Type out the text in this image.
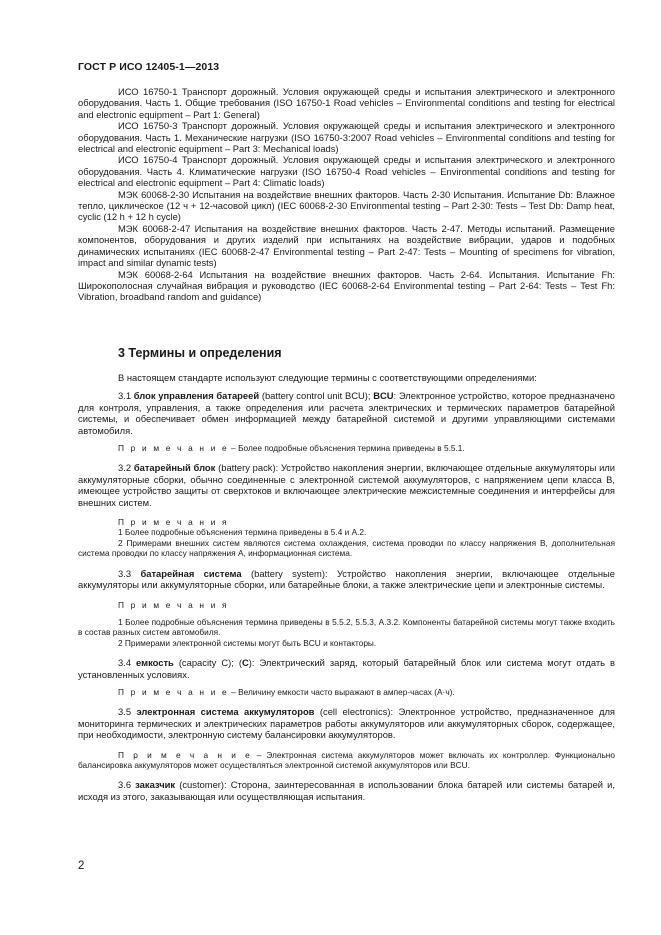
ГОСТ Р ИСО 12405-1—2013

ИСО 16750-1 Транспорт дорожный. Условия окружающей среды и испытания электрического и электронного оборудования. Часть 1. Общие требования (ISO 16750-1 Road vehicles – Environmental conditions and testing for electrical and electronic equipment – Part 1: General)

ИСО 16750-3 Транспорт дорожный. Условия окружающей среды и испытания электрического и электронного оборудования. Часть 1. Механические нагрузки (ISO 16750-3:2007 Road vehicles – Environmental conditions and testing for electrical and electronic equipment – Part 3: Mechanical loads)

ИСО 16750-4 Транспорт дорожный. Условия окружающей среды и испытания электрического и электронного оборудования. Часть 4. Климатические нагрузки (ISO 16750-4 Road vehicles – Environmental conditions and testing for electrical and electronic equipment – Part 4: Climatic loads)

МЭК 60068-2-30 Испытания на воздействие внешних факторов. Часть 2-30 Испытания. Испытание Db: Влажное тепло, циклическое (12 ч + 12-часовой цикл) (IEC 60068-2-30 Environmental testing – Part 2-30: Tests – Test Db: Damp heat, cyclic (12 h + 12 h cycle)

МЭК 60068-2-47 Испытания на воздействие внешних факторов. Часть 2-47. Методы испытаний. Размещение компонентов, оборудования и других изделий при испытаниях на воздействие вибрации, ударов и подобных динамических испытаниях (IEC 60068-2-47 Environmental testing – Part 2-47: Tests – Mounting of specimens for vibration, impact and similar dynamic tests)

МЭК 60068-2-64 Испытания на воздействие внешних факторов. Часть 2-64. Испытания. Испытание Fh: Широкополосная случайная вибрация и руководство (IEC 60068-2-64 Environmental testing – Part 2-64: Tests – Test Fh: Vibration, broadband random and guidance)

3 Термины и определения

В настоящем стандарте используют следующие термины с соответствующими определениями:

3.1 блок управления батареей (battery control unit BCU); BCU: Электронное устройство, которое предназначено для контроля, управления, а также определения или расчета электрических и термических параметров батарейной системы, и обеспечивает обмен информацией между батарейной системой и другими управляющими системами автомобиля.

П р и м е ч а н и е – Более подробные объяснения термина приведены в 5.5.1.

3.2 батарейный блок (battery pack): Устройство накопления энергии, включающее отдельные аккумуляторы или аккумуляторные сборки, обычно соединенные с электронной системой аккумуляторов, с напряжением цепи класса B, имеющее устройство защиты от сверхтоков и включающее электрические межсистемные соединения и интерфейсы для внешних систем.

П р и м е ч а н и я

1 Более подробные объяснения термина приведены в 5.4 и А.2.

2 Примерами внешних систем являются система охлаждения, система проводки по классу напряжения В, дополнительная система проводки по классу напряжения А, информационная система.

3.3 батарейная система (battery system): Устройство накопления энергии, включающее отдельные аккумуляторы или аккумуляторные сборки, или батарейные блоки, а также электрические цепи и электронные системы.

П р и м е ч а н и я

1 Более подробные объяснения термина приведены в 5.5.2, 5.5.3, А.3.2. Компоненты батарейной системы могут также входить в состав разных систем автомобиля.

2 Примерами электронной системы могут быть BCU и контакторы.

3.4 емкость (capacity C); (C): Электрический заряд, который батарейный блок или система могут отдать в установленных условиях.

П р и м е ч а н и е – Величину емкости часто выражают в ампер-часах (А·ч).

3.5 электронная система аккумуляторов (cell electronics): Электронное устройство, предназначенное для мониторинга термических и электрических параметров работы аккумуляторов или аккумуляторных сборок, содержащее, при необходимости, электронную систему балансировки аккумуляторов.

П р и м е ч а н и е – Электронная система аккумуляторов может включать их контроллер. Функционально балансировка аккумуляторов может осуществляться электронной системой аккумуляторов или BCU.

3.6 заказчик (customer): Сторона, заинтересованная в использовании блока батарей или системы батарей и, исходя из этого, заказывающая или осуществляющая испытания.

2
